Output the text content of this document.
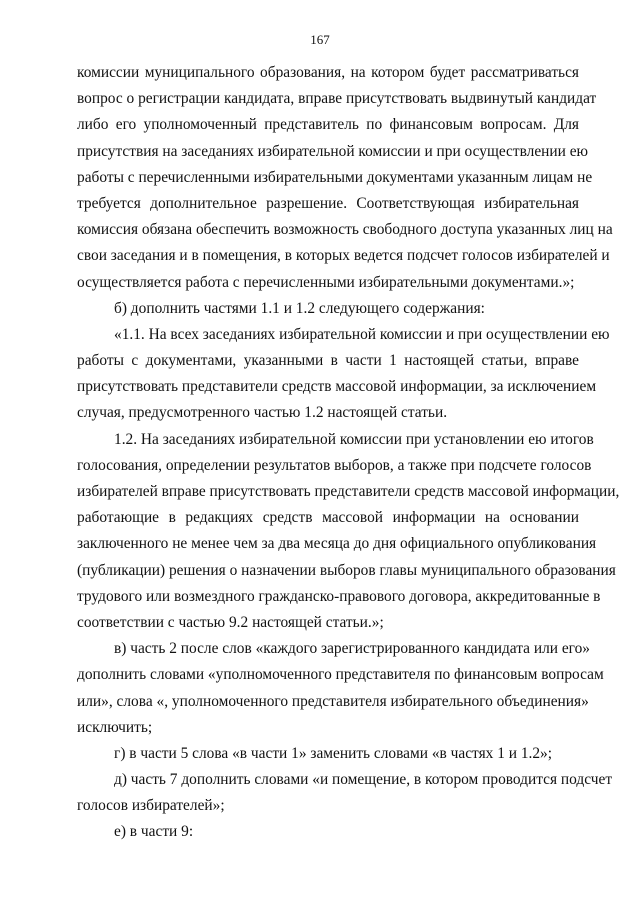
167
комиссии муниципального образования, на котором будет рассматриваться
вопрос о регистрации кандидата, вправе присутствовать выдвинутый кандидат
либо его уполномоченный представитель по финансовым вопросам. Для
присутствия на заседаниях избирательной комиссии и при осуществлении ею
работы с перечисленными избирательными документами указанным лицам не
требуется дополнительное разрешение. Соответствующая избирательная
комиссия обязана обеспечить возможность свободного доступа указанных лиц на
свои заседания и в помещения, в которых ведется подсчет голосов избирателей и
осуществляется работа с перечисленными избирательными документами.»;
б) дополнить частями 1.1 и 1.2 следующего содержания:
«1.1. На всех заседаниях избирательной комиссии и при осуществлении ею
работы с документами, указанными в части 1 настоящей статьи, вправе
присутствовать представители средств массовой информации, за исключением
случая, предусмотренного частью 1.2 настоящей статьи.
1.2. На заседаниях избирательной комиссии при установлении ею итогов
голосования, определении результатов выборов, а также при подсчете голосов
избирателей вправе присутствовать представители средств массовой информации,
работающие в редакциях средств массовой информации на основании
заключенного не менее чем за два месяца до дня официального опубликования
(публикации) решения о назначении выборов главы муниципального образования
трудового или возмездного гражданско-правового договора, аккредитованные в
соответствии с частью 9.2 настоящей статьи.»;
в) часть 2 после слов «каждого зарегистрированного кандидата или его»
дополнить словами «уполномоченного представителя по финансовым вопросам
или», слова «, уполномоченного представителя избирательного объединения»
исключить;
г) в части 5 слова «в части 1» заменить словами «в частях 1 и 1.2»;
д) часть 7 дополнить словами «и помещение, в котором проводится подсчет
голосов избирателей»;
е) в части 9:
